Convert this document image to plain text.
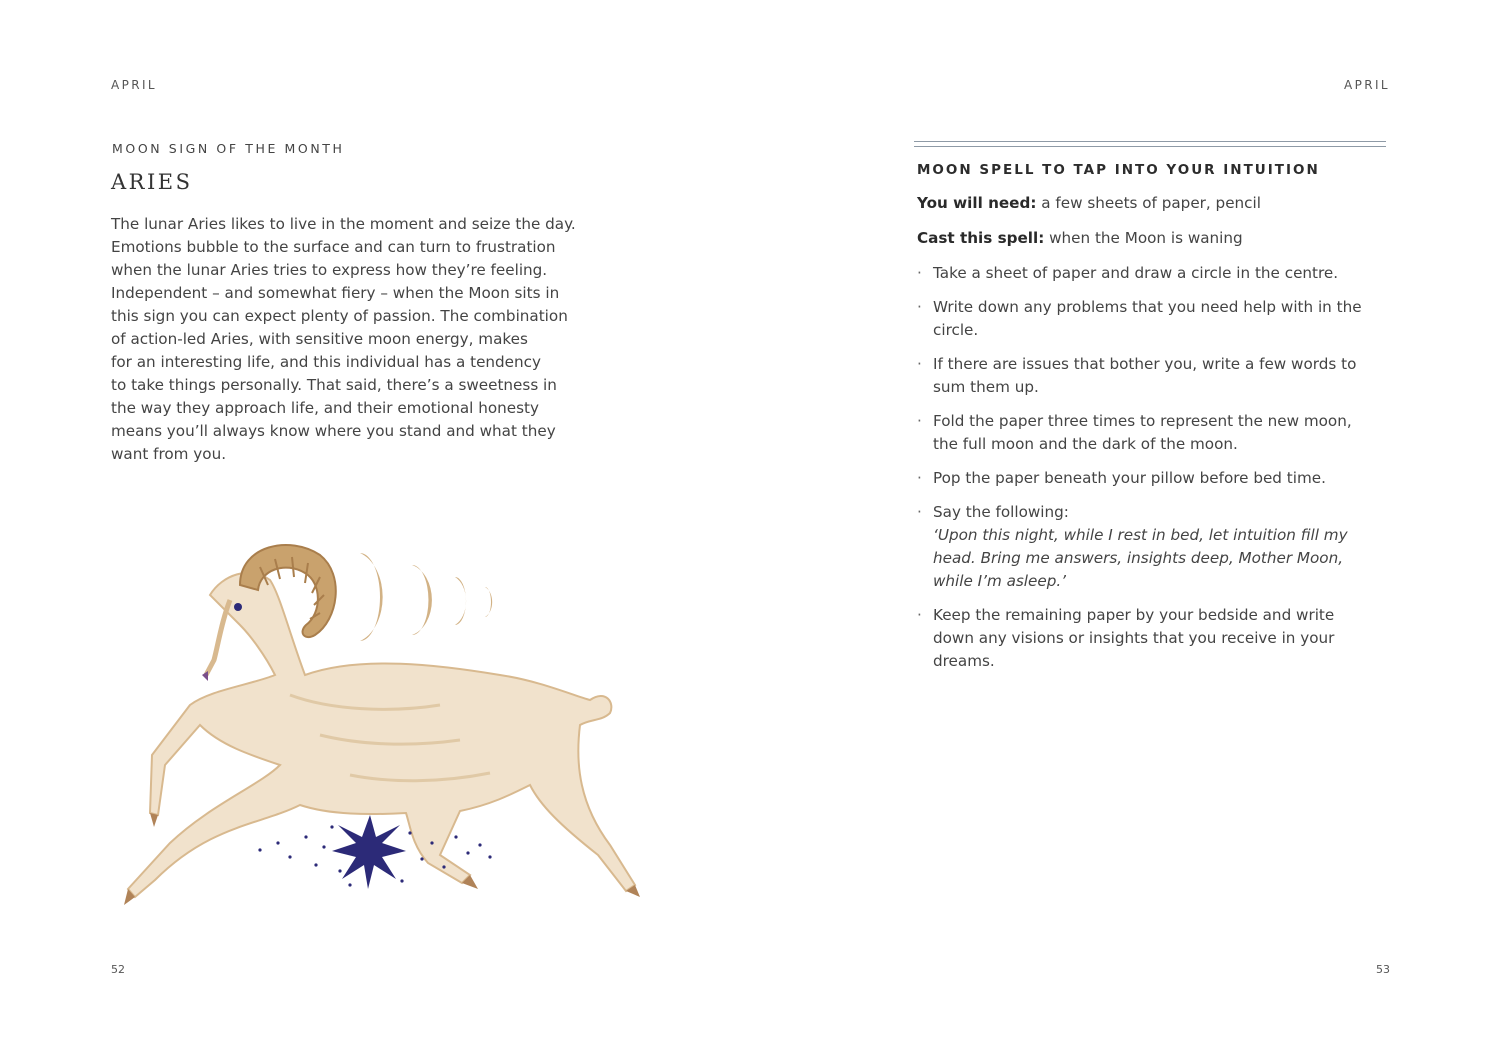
APRIL
MOON SIGN OF THE MONTH
ARIES

The lunar Aries likes to live in the moment and seize the day.
Emotions bubble to the surface and can turn to frustration
when the lunar Aries tries to express how they’re feeling.
Independent – and somewhat fiery – when the Moon sits in
this sign you can expect plenty of passion. The combination
of action-led Aries, with sensitive moon energy, makes
for an interesting life, and this individual has a tendency
to take things personally. That said, there’s a sweetness in
the way they approach life, and their emotional honesty
means you’ll always know where you stand and what they
want from you.

52
APRIL
MOON SPELL TO TAP INTO YOUR INTUITION

You will need: a few sheets of paper, pencil

Cast this spell: when the Moon is waning

· Take a sheet of paper and draw a circle in the centre.
· Write down any problems that you need help with in the circle.
· If there are issues that bother you, write a few words to sum them up.
· Fold the paper three times to represent the new moon, the full moon and the dark of the moon.
· Pop the paper beneath your pillow before bed time.
· Say the following:
‘Upon this night, while I rest in bed, let intuition fill my head. Bring me answers, insights deep, Mother Moon, while I’m asleep.’
· Keep the remaining paper by your bedside and write down any visions or insights that you receive in your dreams.
53
